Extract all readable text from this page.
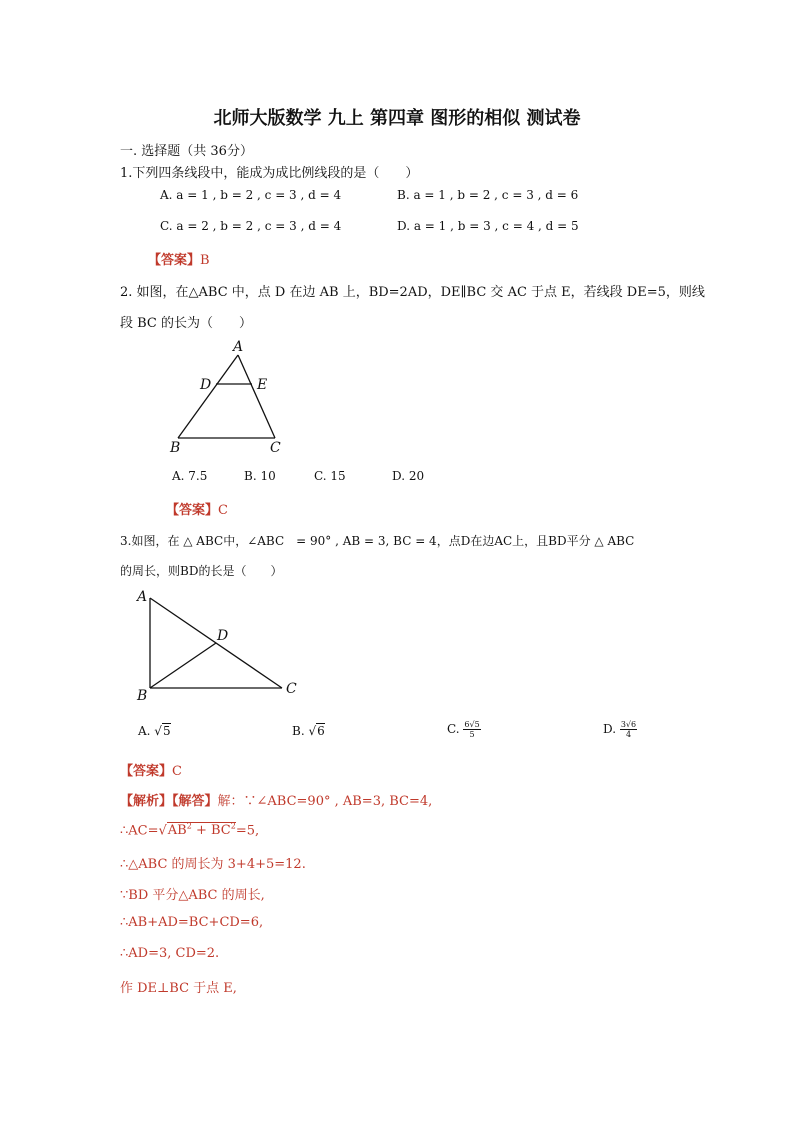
北师大版数学 九上 第四章 图形的相似 测试卷
一. 选择题（共 36分）
1.下列四条线段中，能成为成比例线段的是（　　）
A. a = 1 , b = 2 , c = 3 , d = 4	B. a = 1 , b = 2 , c = 3 , d = 6
C. a = 2 , b = 2 , c = 3 , d = 4	D. a = 1 , b = 3 , c = 4 , d = 5
【答案】B
2. 如图，在△ABC 中，点 D 在边 AB 上，BD=2AD，DE∥BC 交 AC 于点 E，若线段 DE=5，则线
段 BC 的长为（　　）
A
D	E
B	C
A
D
B	C
A. 7.5	B. 10	C. 15	D. 20
【答案】C
3.如图，在 △ ABC中，∠ABC　= 90° , AB = 3, BC = 4，点D在边AC上，且BD平分 △ ABC
的周长，则BD的长是（　　）
A. √5	B. √6	C. $\frac{6√5}{5}$	D. $\frac{3√6}{4}$
【答案】C
【解析】【解答】解：∵∠ABC=90° , AB=3, BC=4,
$\therefore AC=√AB^2 + BC^2=5$,
∴△ABC 的周长为 3+4+5=12.
∵BD 平分△ABC 的周长,
∴AB+AD=BC+CD=6,
∴AD=3, CD=2.
作 DE⊥BC 于点 E,
